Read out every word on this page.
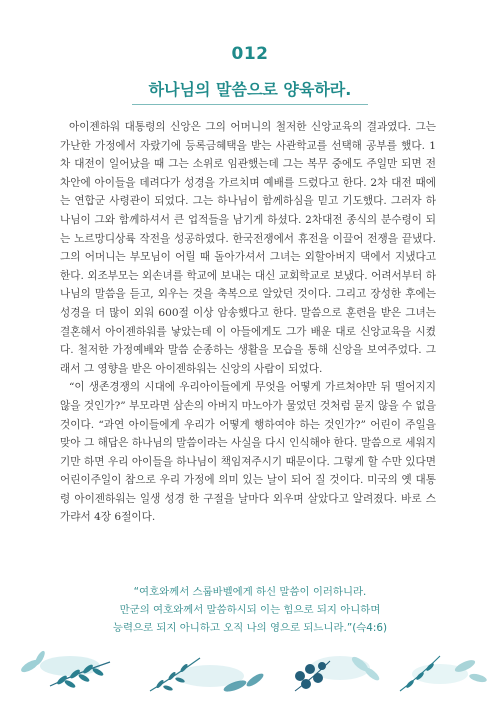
012
하나님의 말씀으로 양육하라.

아이젠하워 대통령의 신앙은 그의 어머니의 철저한 신앙교육의 결과였다. 그는 가난한 가정에서 자랐기에 등록금혜택을 받는 사관학교를 선택해 공부를 했다. 1차 대전이 일어났을 때 그는 소위로 임관했는데 그는 복무 중에도 주일만 되면 전차안에 아이들을 데려다가 성경을 가르치며 예배를 드렸다고 한다. 2차 대전 때에는 연합군 사령관이 되었다. 그는 하나님이 함께하심을 믿고 기도했다. 그러자 하나님이 그와 함께하셔서 큰 업적들을 남기게 하셨다. 2차대전 종식의 분수령이 되는 노르망디상륙 작전을 성공하였다. 한국전쟁에서 휴전을 이끌어 전쟁을 끝냈다. 그의 어머니는 부모님이 어릴 때 돌아가셔서 그녀는 외할아버지 댁에서 지냈다고 한다. 외조부모는 외손녀를 학교에 보내는 대신 교회학교로 보냈다. 어려서부터 하나님의 말씀을 듣고, 외우는 것을 축복으로 알았던 것이다. 그리고 장성한 후에는 성경을 더 많이 외워 600절 이상 암송했다고 한다. 말씀으로 훈련을 받은 그녀는 결혼해서 아이젠하워를 낳았는데 이 아들에게도 그가 배운 대로 신앙교육을 시켰다. 철저한 가정예배와 말씀 순종하는 생활을 모습을 통해 신앙을 보여주었다. 그래서 그 영향을 받은 아이젠하워는 신앙의 사람이 되었다.

“이 생존경쟁의 시대에 우리아이들에게 무엇을 어떻게 가르쳐야만 뒤 떨어지지 않을 것인가?” 부모라면 삼손의 아버지 마노아가 물었던 것처럼 묻지 않을 수 없을 것이다. “과연 아이들에게 우리가 어떻게 행하여야 하는 것인가?” 어린이 주일을 맞아 그 해답은 하나님의 말씀이라는 사실을 다시 인식해야 한다. 말씀으로 세워지기만 하면 우리 아이들을 하나님이 책임져주시기 때문이다. 그렇게 할 수만 있다면 어린이주일이 참으로 우리 가정에 의미 있는 날이 되어 질 것이다. 미국의 옛 대통령 아이젠하워는 일생 성경 한 구절을 날마다 외우며 살았다고 알려졌다. 바로 스가랴서 4장 6절이다.

“여호와께서 스룹바벨에게 하신 말씀이 이러하니라.
만군의 여호와께서 말씀하시되 이는 힘으로 되지 아니하며
능력으로 되지 아니하고 오직 나의 영으로 되느니라.”(슥4:6)
